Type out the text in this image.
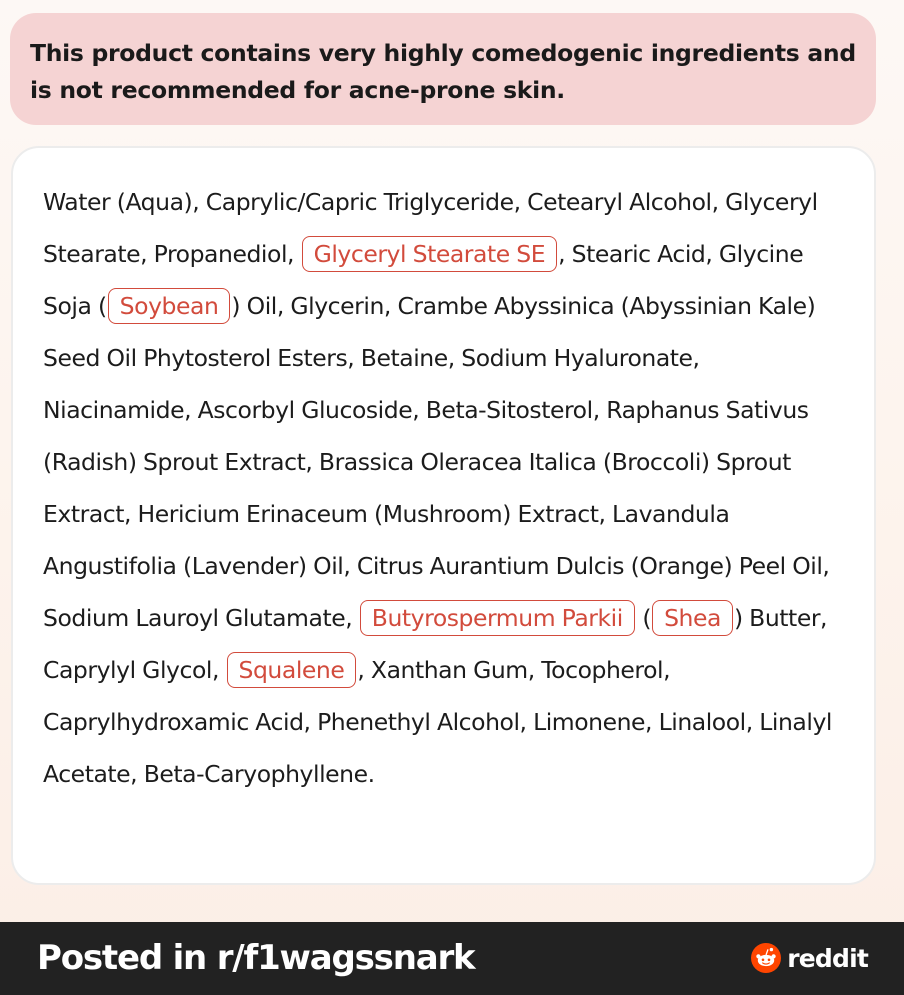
This product contains very highly comedogenic ingredients and is not recommended for acne-prone skin.

Water (Aqua), Caprylic/Capric Triglyceride, Cetearyl Alcohol, Glyceryl Stearate, Propanediol, Glyceryl Stearate SE , Stearic Acid, Glycine Soja ( Soybean ) Oil, Glycerin, Crambe Abyssinica (Abyssinian Kale) Seed Oil Phytosterol Esters, Betaine, Sodium Hyaluronate, Niacinamide, Ascorbyl Glucoside, Beta-Sitosterol, Raphanus Sativus (Radish) Sprout Extract, Brassica Oleracea Italica (Broccoli) Sprout Extract, Hericium Erinaceum (Mushroom) Extract, Lavandula Angustifolia (Lavender) Oil, Citrus Aurantium Dulcis (Orange) Peel Oil, Sodium Lauroyl Glutamate, Butyrospermum Parkii ( Shea ) Butter, Caprylyl Glycol, Squalene , Xanthan Gum, Tocopherol, Caprylhydroxamic Acid, Phenethyl Alcohol, Limonene, Linalool, Linalyl Acetate, Beta-Caryophyllene.
Posted in r/f1wagssnark	reddit
